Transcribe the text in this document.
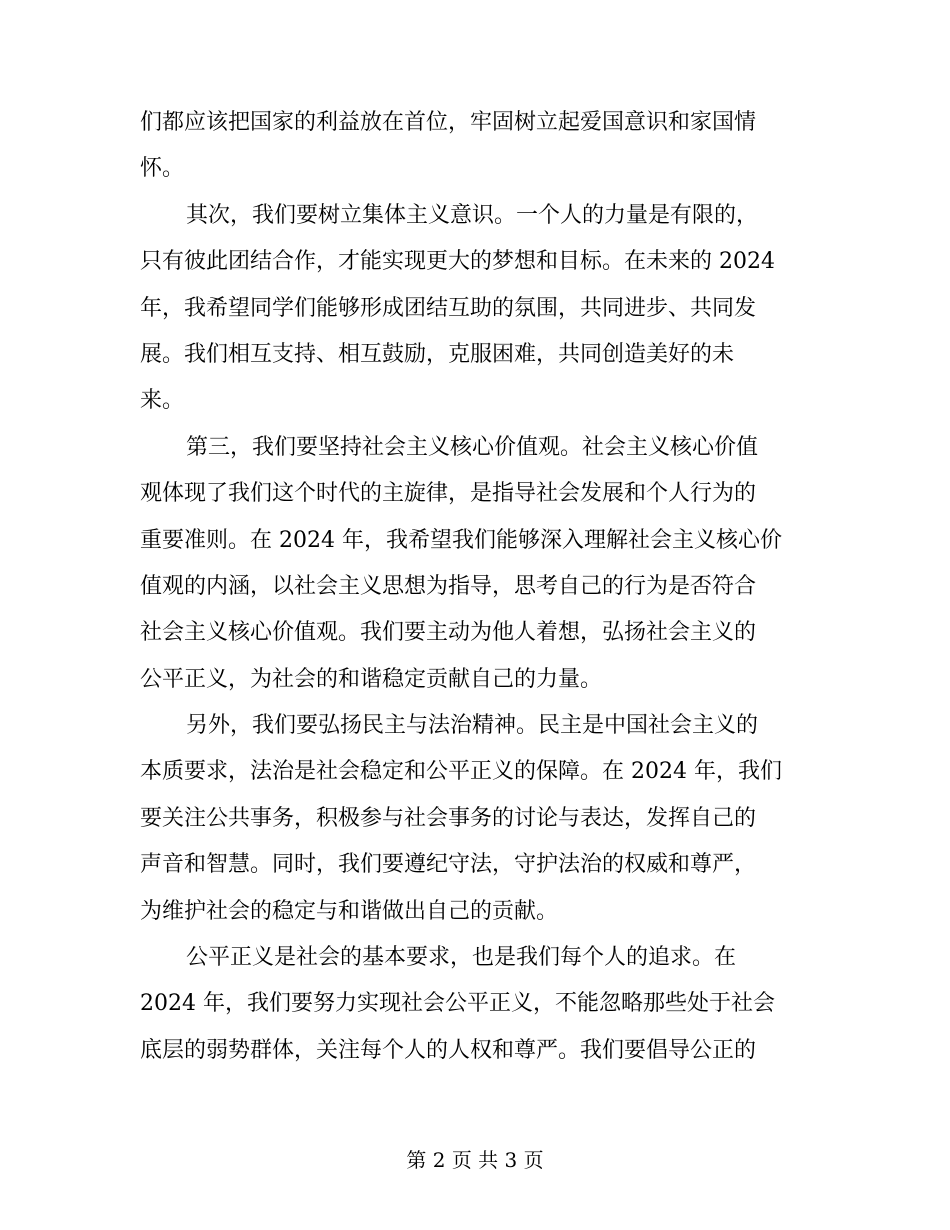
们都应该把国家的利益放在首位，牢固树立起爱国意识和家国情
怀。
其次，我们要树立集体主义意识。一个人的力量是有限的，
只有彼此团结合作，才能实现更大的梦想和目标。在未来的 2024
年，我希望同学们能够形成团结互助的氛围，共同进步、共同发
展。我们相互支持、相互鼓励，克服困难，共同创造美好的未
来。
第三，我们要坚持社会主义核心价值观。社会主义核心价值
观体现了我们这个时代的主旋律，是指导社会发展和个人行为的
重要准则。在 2024 年，我希望我们能够深入理解社会主义核心价
值观的内涵，以社会主义思想为指导，思考自己的行为是否符合
社会主义核心价值观。我们要主动为他人着想，弘扬社会主义的
公平正义，为社会的和谐稳定贡献自己的力量。
另外，我们要弘扬民主与法治精神。民主是中国社会主义的
本质要求，法治是社会稳定和公平正义的保障。在 2024 年，我们
要关注公共事务，积极参与社会事务的讨论与表达，发挥自己的
声音和智慧。同时，我们要遵纪守法，守护法治的权威和尊严，
为维护社会的稳定与和谐做出自己的贡献。
公平正义是社会的基本要求，也是我们每个人的追求。在
2024 年，我们要努力实现社会公平正义，不能忽略那些处于社会
底层的弱势群体，关注每个人的人权和尊严。我们要倡导公正的
第 2 页 共 3 页
